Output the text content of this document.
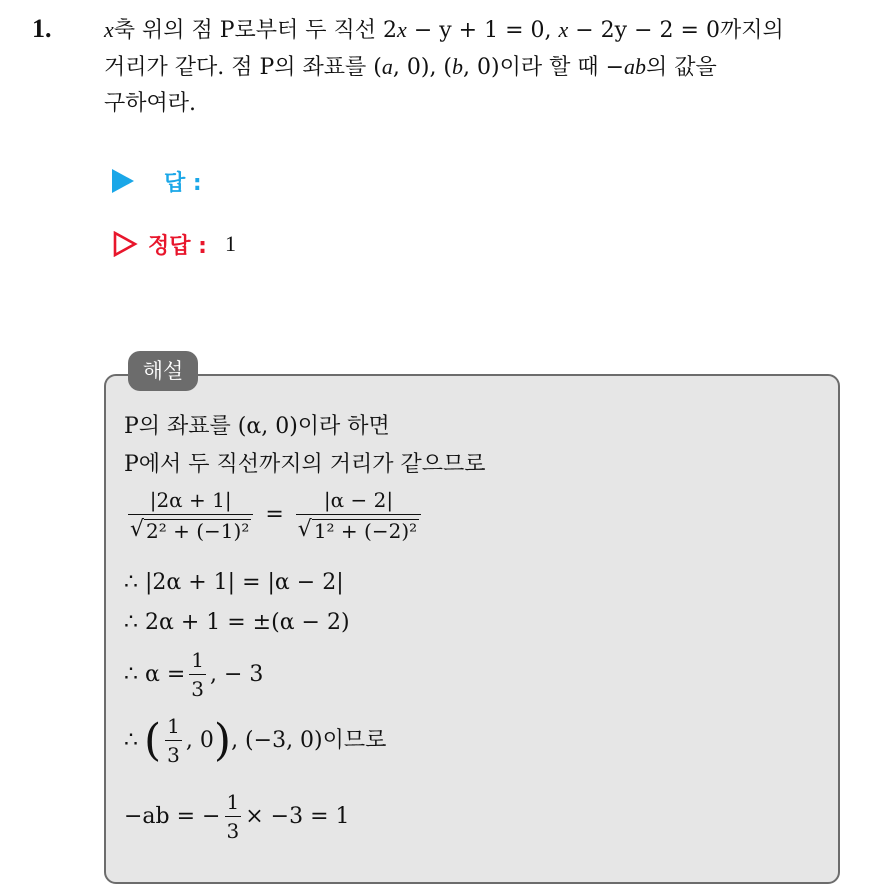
1. x축 위의 점 P로부터 두 직선 2x − y + 1 = 0, x − 2y − 2 = 0까지의
거리가 같다. 점 P의 좌표를 (a, 0), (b, 0)이라 할 때 −ab의 값을
구하여라.
답 :
정답 : 1
해설
P의 좌표를 (α, 0)이라 하면
P에서 두 직선까지의 거리가 같으므로
$\frac{|2\alpha + 1|}{\text{√ 2² + (−1)²}} = \frac{|\alpha - 2|}{\text{√ 1² + (−2)²}}$
∴ |2α + 1| = |α − 2|
∴ 2α + 1 = ±(α − 2)
∴ $\alpha = \frac{1}{3}$ , − 3
∴ ( $\frac{1}{3}$ , 0 ) , (−3, 0)이므로
−ab = − $\frac{1}{3} \times -3 = 1$
